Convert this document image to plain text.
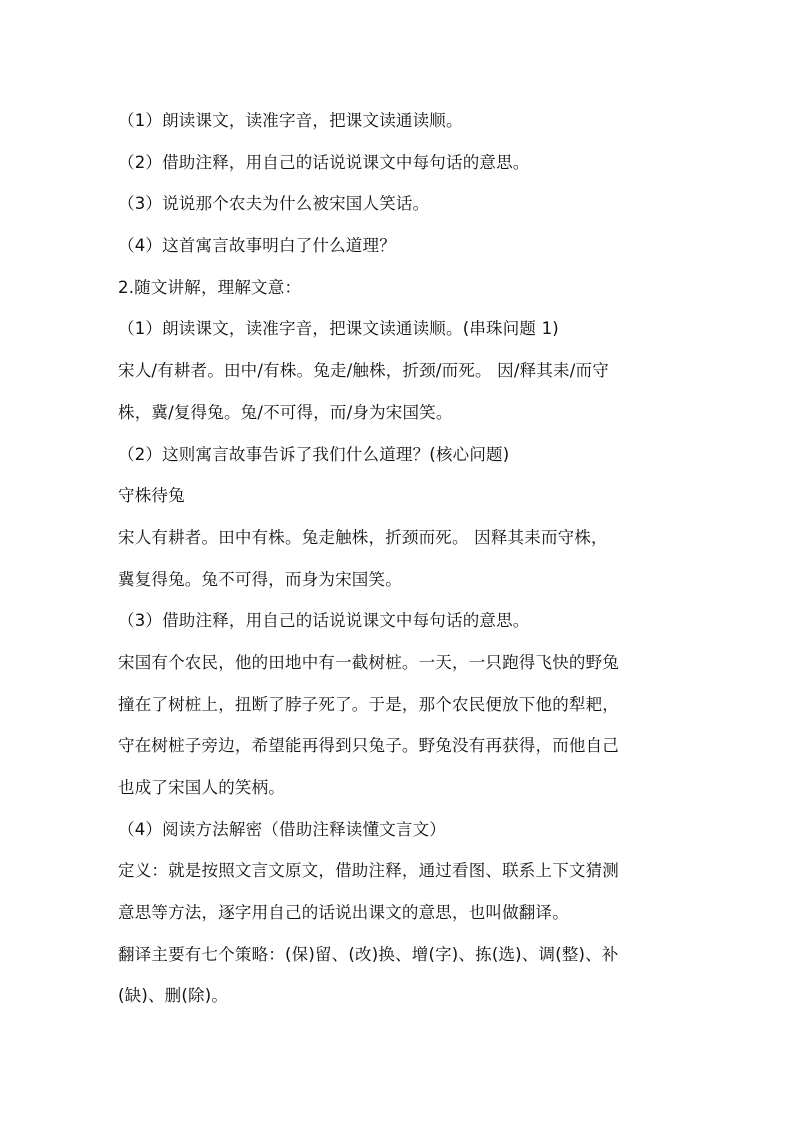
（1）朗读课文，读准字音，把课文读通读顺。
（2）借助注释，用自己的话说说课文中每句话的意思。
（3）说说那个农夫为什么被宋国人笑话。
（4）这首寓言故事明白了什么道理？
2.随文讲解，理解文意：
（1）朗读课文，读准字音，把课文读通读顺。(串珠问题 1)
宋人/有耕者。田中/有株。兔走/触株，折颈/而死。 因/释其耒/而守
株，冀/复得兔。兔/不可得，而/身为宋国笑。
（2）这则寓言故事告诉了我们什么道理？(核心问题)
守株待兔
宋人有耕者。田中有株。兔走触株，折颈而死。 因释其耒而守株，
冀复得兔。兔不可得，而身为宋国笑。
（3）借助注释，用自己的话说说课文中每句话的意思。
宋国有个农民，他的田地中有一截树桩。一天，一只跑得飞快的野兔
撞在了树桩上，扭断了脖子死了。于是，那个农民便放下他的犁耙，
守在树桩子旁边，希望能再得到只兔子。野兔没有再获得，而他自己
也成了宋国人的笑柄。
（4）阅读方法解密（借助注释读懂文言文）
定义：就是按照文言文原文，借助注释，通过看图、联系上下文猜测
意思等方法，逐字用自己的话说出课文的意思，也叫做翻译。
翻译主要有七个策略：(保)留、(改)换、增(字)、拣(选)、调(整)、补
(缺)、删(除)。
